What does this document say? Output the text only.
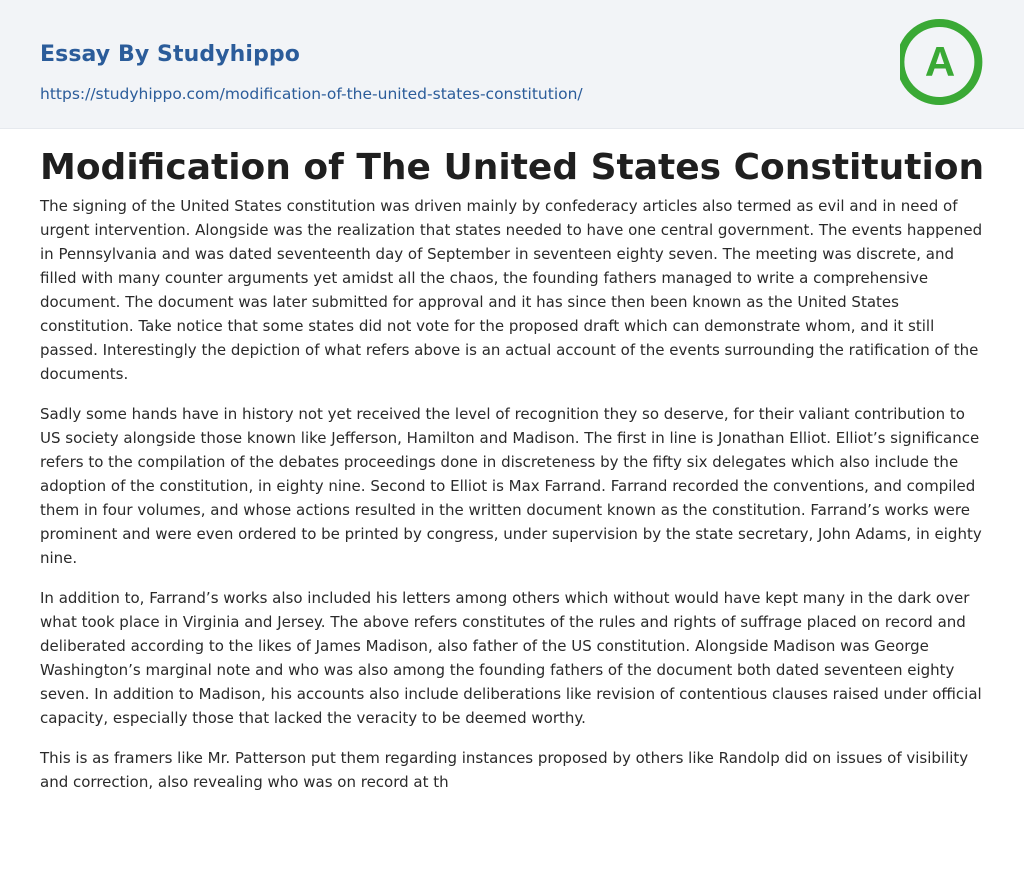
Essay By Studyhippo
https://studyhippo.com/modification-of-the-united-states-constitution/
A
Modification of The United States Constitution

The signing of the United States constitution was driven mainly by confederacy articles also termed as evil and in need of urgent intervention. Alongside was the realization that states needed to have one central government. The events happened in Pennsylvania and was dated seventeenth day of September in seventeen eighty seven. The meeting was discrete, and filled with many counter arguments yet amidst all the chaos, the founding fathers managed to write a comprehensive document. The document was later submitted for approval and it has since then been known as the United States constitution. Take notice that some states did not vote for the proposed draft which can demonstrate whom, and it still passed. Interestingly the depiction of what refers above is an actual account of the events surrounding the ratification of the documents.

Sadly some hands have in history not yet received the level of recognition they so deserve, for their valiant contribution to US society alongside those known like Jefferson, Hamilton and Madison. The first in line is Jonathan Elliot. Elliot’s significance refers to the compilation of the debates proceedings done in discreteness by the fifty six delegates which also include the adoption of the constitution, in eighty nine. Second to Elliot is Max Farrand. Farrand recorded the conventions, and compiled them in four volumes, and whose actions resulted in the written document known as the constitution. Farrand’s works were prominent and were even ordered to be printed by congress, under supervision by the state secretary, John Adams, in eighty nine.

In addition to, Farrand’s works also included his letters among others which without would have kept many in the dark over what took place in Virginia and Jersey. The above refers constitutes of the rules and rights of suffrage placed on record and deliberated according to the likes of James Madison, also father of the US constitution. Alongside Madison was George Washington’s marginal note and who was also among the founding fathers of the document both dated seventeen eighty seven. In addition to Madison, his accounts also include deliberations like revision of contentious clauses raised under official capacity, especially those that lacked the veracity to be deemed worthy.

This is as framers like Mr. Patterson put them regarding instances proposed by others like Randolp did on issues of visibility and correction, also revealing who was on record at th
